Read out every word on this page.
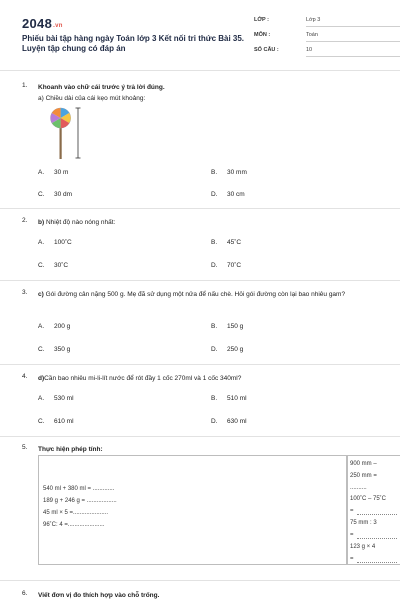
2048.vn
Phiếu bài tập hàng ngày Toán lớp 3 Kết nối tri thức Bài 35. Luyện tập chung có đáp án
LỚP :	Lớp 3
MÔN :	Toán
SỐ CÂU :	10
1. Khoanh vào chữ cái trước ý trả lời đúng.
a) Chiều dài của cái kẹo mút khoảng:
A. 30 m	B. 30 mm
C. 30 dm	D. 30 cm
2. b) Nhiệt độ nào nóng nhất:
A. 100˚C	B. 45˚C
C. 30˚C	D. 70˚C
3. c) Gói đường cân nặng 500 g. Mẹ đã sử dụng một nửa để nấu chè. Hỏi gói đường còn lại bao nhiêu gam?
A. 200 g	B. 150 g
C. 350 g	D. 250 g
4. d)Cần bao nhiêu mi-li-lít nước để rót đầy 1 cốc 270ml và 1 cốc 340ml?
A. 530 ml	B. 510 ml
C. 610 ml	D. 630 ml
5. Thực hiện phép tính:
540 ml + 380 ml = .............
189 g + 246 g = ..................
45 ml × 5 =.....................
96˚C: 4 =......................
900 mm –
250 mm =
..........
100˚C – 75˚C
=
75 mm : 3
=
123 g × 4
=
6. Viết đơn vị đo thích hợp vào chỗ trống.
